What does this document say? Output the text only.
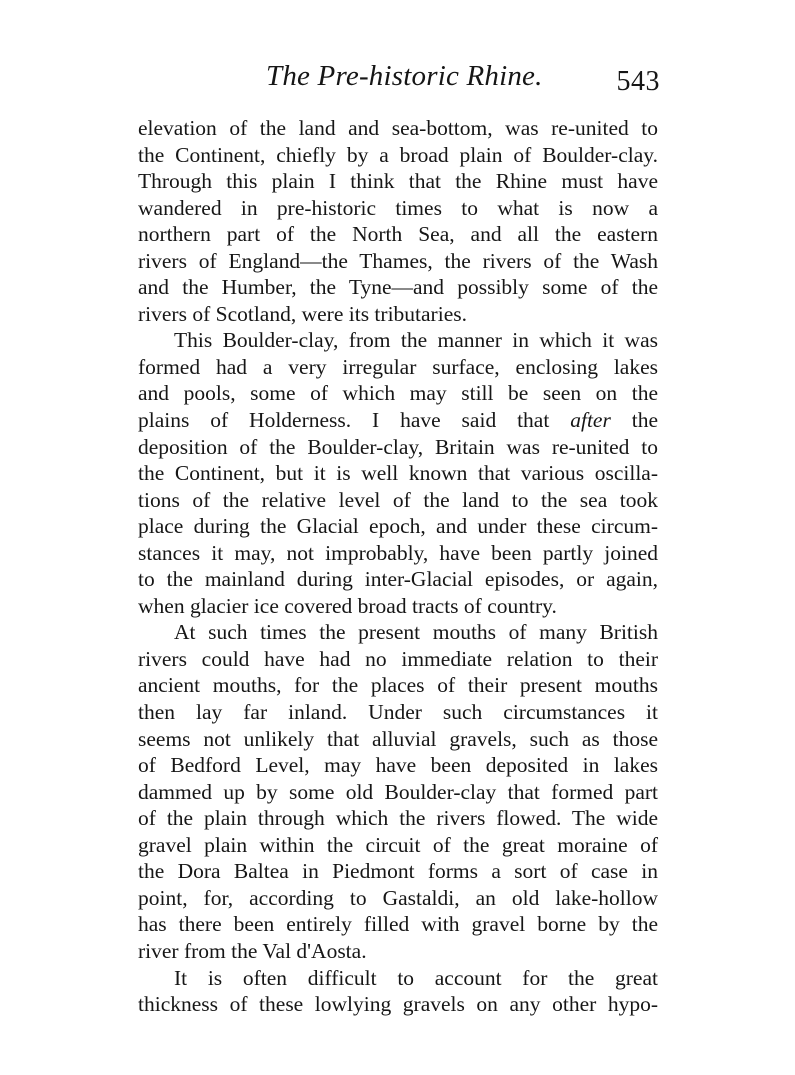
The Pre-historic Rhine.	543
elevation of the land and sea-bottom, was re-united to
the Continent, chiefly by a broad plain of Boulder-clay.
Through this plain I think that the Rhine must have
wandered in pre-historic times to what is now a
northern part of the North Sea, and all the eastern
rivers of England—the Thames, the rivers of the Wash
and the Humber, the Tyne—and possibly some of the
rivers of Scotland, were its tributaries.
This Boulder-clay, from the manner in which it was
formed had a very irregular surface, enclosing lakes
and pools, some of which may still be seen on the
plains of Holderness. I have said that after the
deposition of the Boulder-clay, Britain was re-united to
the Continent, but it is well known that various oscilla-
tions of the relative level of the land to the sea took
place during the Glacial epoch, and under these circum-
stances it may, not improbably, have been partly joined
to the mainland during inter-Glacial episodes, or again,
when glacier ice covered broad tracts of country.
At such times the present mouths of many British
rivers could have had no immediate relation to their
ancient mouths, for the places of their present mouths
then lay far inland. Under such circumstances it
seems not unlikely that alluvial gravels, such as those
of Bedford Level, may have been deposited in lakes
dammed up by some old Boulder-clay that formed part
of the plain through which the rivers flowed. The wide
gravel plain within the circuit of the great moraine of
the Dora Baltea in Piedmont forms a sort of case in
point, for, according to Gastaldi, an old lake-hollow
has there been entirely filled with gravel borne by the
river from the Val d'Aosta.
It is often difficult to account for the great
thickness of these lowlying gravels on any other hypo-
